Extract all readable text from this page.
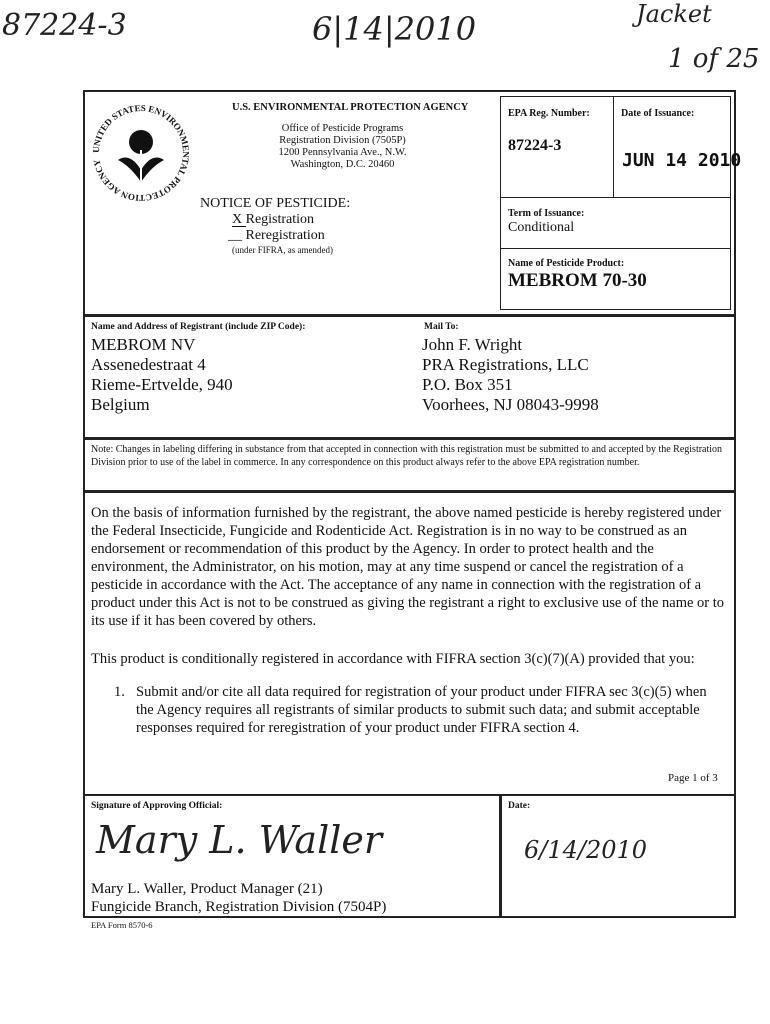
87224-3	6|14|2010	Jacket
1 of 25
UNITED STATES ENVIRONMENTAL PROTECTION AGENCY
U.S. ENVIRONMENTAL PROTECTION AGENCY
Office of Pesticide Programs
Registration Division (7505P)
1200 Pennsylvania Ave., N.W.
Washington, D.C. 20460
NOTICE OF PESTICIDE:
X Registration
__ Reregistration
(under FIFRA, as amended)
EPA Reg. Number:
87224-3
Date of Issuance:
JUN 14 2010
Term of Issuance:
Conditional
Name of Pesticide Product:
MEBROM 70-30
Name and Address of Registrant (include ZIP Code):
MEBROM NV
Assenedestraat 4
Rieme-Ertvelde, 940
Belgium
Mail To:
John F. Wright
PRA Registrations, LLC
P.O. Box 351
Voorhees, NJ 08043-9998
Note: Changes in labeling differing in substance from that accepted in connection with this registration must be submitted to and accepted by the Registration Division prior to use of the label in commerce. In any correspondence on this product always refer to the above EPA registration number.
On the basis of information furnished by the registrant, the above named pesticide is hereby registered under the Federal Insecticide, Fungicide and Rodenticide Act. Registration is in no way to be construed as an endorsement or recommendation of this product by the Agency. In order to protect health and the environment, the Administrator, on his motion, may at any time suspend or cancel the registration of a pesticide in accordance with the Act. The acceptance of any name in connection with the registration of a product under this Act is not to be construed as giving the registrant a right to exclusive use of the name or to its use if it has been covered by others.
This product is conditionally registered in accordance with FIFRA section 3(c)(7)(A) provided that you:
1. Submit and/or cite all data required for registration of your product under FIFRA sec 3(c)(5) when the Agency requires all registrants of similar products to submit such data; and submit acceptable responses required for reregistration of your product under FIFRA section 4.
Page 1 of 3
Signature of Approving Official:	Date:
Mary L. Waller	6/14/2010
Mary L. Waller, Product Manager (21)
Fungicide Branch, Registration Division (7504P)
EPA Form 8570-6
